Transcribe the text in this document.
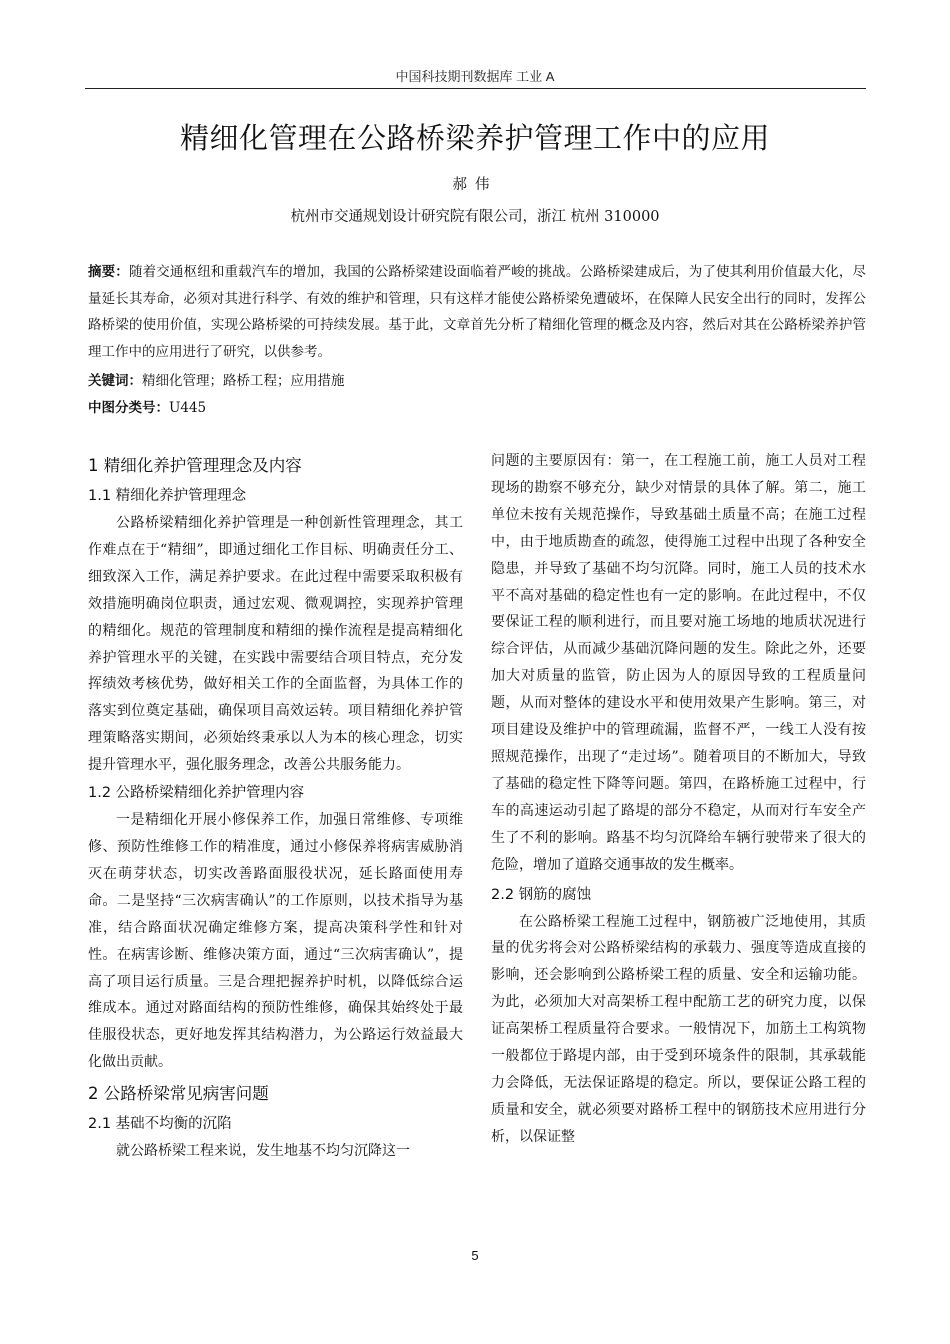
中国科技期刊数据库 工业 A
精细化管理在公路桥梁养护管理工作中的应用
郝伟
杭州市交通规划设计研究院有限公司，浙江 杭州 310000
摘要：随着交通枢纽和重载汽车的增加，我国的公路桥梁建设面临着严峻的挑战。公路桥梁建成后，为了使其利用价值最大化，尽量延长其寿命，必须对其进行科学、有效的维护和管理，只有这样才能使公路桥梁免遭破坏，在保障人民安全出行的同时，发挥公路桥梁的使用价值，实现公路桥梁的可持续发展。基于此，文章首先分析了精细化管理的概念及内容，然后对其在公路桥梁养护管理工作中的应用进行了研究，以供参考。
关键词：精细化管理；路桥工程；应用措施
中图分类号：U445
1 精细化养护管理理念及内容
1.1 精细化养护管理理念

公路桥梁精细化养护管理是一种创新性管理理念，其工作难点在于“精细”，即通过细化工作目标、明确责任分工、细致深入工作，满足养护要求。在此过程中需要采取积极有效措施明确岗位职责，通过宏观、微观调控，实现养护管理的精细化。规范的管理制度和精细的操作流程是提高精细化养护管理水平的关键，在实践中需要结合项目特点，充分发挥绩效考核优势，做好相关工作的全面监督，为具体工作的落实到位奠定基础，确保项目高效运转。项目精细化养护管理策略落实期间，必须始终秉承以人为本的核心理念，切实提升管理水平，强化服务理念，改善公共服务能力。

1.2 公路桥梁精细化养护管理内容

一是精细化开展小修保养工作，加强日常维修、专项维修、预防性维修工作的精准度，通过小修保养将病害威胁消灭在萌芽状态，切实改善路面服役状况，延长路面使用寿命。二是坚持“三次病害确认”的工作原则，以技术指导为基准，结合路面状况确定维修方案，提高决策科学性和针对性。在病害诊断、维修决策方面，通过“三次病害确认”，提高了项目运行质量。三是合理把握养护时机，以降低综合运维成本。通过对路面结构的预防性维修，确保其始终处于最佳服役状态，更好地发挥其结构潜力，为公路运行效益最大化做出贡献。

2 公路桥梁常见病害问题
2.1 基础不均衡的沉陷

就公路桥梁工程来说，发生地基不均匀沉降这一

问题的主要原因有：第一，在工程施工前，施工人员对工程现场的勘察不够充分，缺少对情景的具体了解。第二，施工单位未按有关规范操作，导致基础土质量不高；在施工过程中，由于地质勘查的疏忽，使得施工过程中出现了各种安全隐患，并导致了基础不均匀沉降。同时，施工人员的技术水平不高对基础的稳定性也有一定的影响。在此过程中，不仅要保证工程的顺利进行，而且要对施工场地的地质状况进行综合评估，从而减少基础沉降问题的发生。除此之外，还要加大对质量的监管，防止因为人的原因导致的工程质量问题，从而对整体的建设水平和使用效果产生影响。第三，对项目建设及维护中的管理疏漏，监督不严，一线工人没有按照规范操作，出现了“走过场”。随着项目的不断加大，导致了基础的稳定性下降等问题。第四，在路桥施工过程中，行车的高速运动引起了路堤的部分不稳定，从而对行车安全产生了不利的影响。路基不均匀沉降给车辆行驶带来了很大的危险，增加了道路交通事故的发生概率。

2.2 钢筋的腐蚀

在公路桥梁工程施工过程中，钢筋被广泛地使用，其质量的优劣将会对公路桥梁结构的承载力、强度等造成直接的影响，还会影响到公路桥梁工程的质量、安全和运输功能。为此，必须加大对高架桥工程中配筋工艺的研究力度，以保证高架桥工程质量符合要求。一般情况下，加筋土工构筑物一般都位于路堤内部，由于受到环境条件的限制，其承载能力会降低，无法保证路堤的稳定。所以，要保证公路工程的质量和安全，就必须要对路桥工程中的钢筋技术应用进行分析，以保证整

5
